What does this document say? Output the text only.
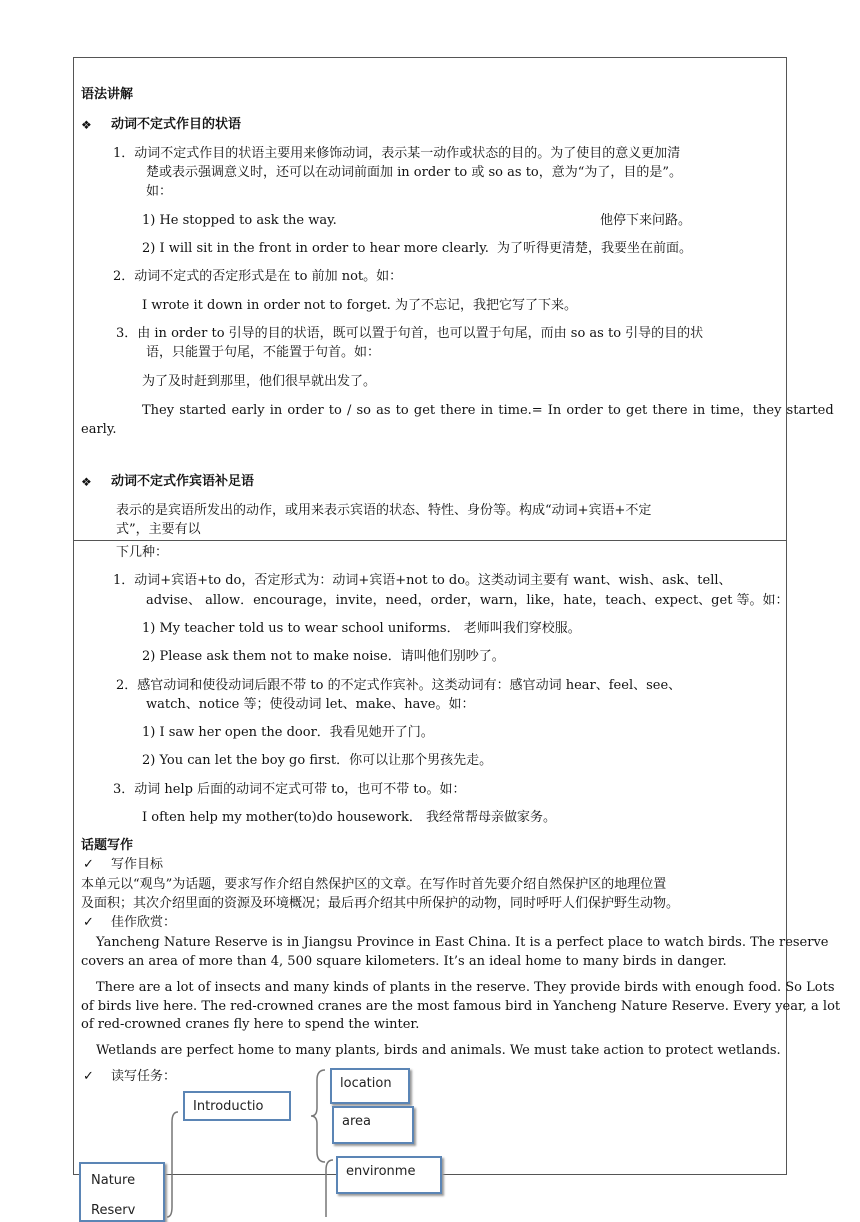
语法讲解
❖ 动词不定式作目的状语
1．动词不定式作目的状语主要用来修饰动词，表示某一动作或状态的目的。为了使目的意义更加清
楚或表示强调意义时，还可以在动词前面加 in order to 或 so as to，意为“为了，目的是”。
如：
1) He stopped to ask the way.	他停下来问路。
2) I will sit in the front in order to hear more clearly. 为了听得更清楚，我要坐在前面。
2．动词不定式的否定形式是在 to 前加 not。如：
I wrote it down in order not to forget. 为了不忘记，我把它写了下来。
3．由 in order to 引导的目的状语，既可以置于句首，也可以置于句尾，而由 so as to 引导的目的状
语，只能置于句尾，不能置于句首。如：
为了及时赶到那里，他们很早就出发了。
They started early in order to / so as to get there in time.= In order to get there in time，they started
early.
❖ 动词不定式作宾语补足语
表示的是宾语所发出的动作，或用来表示宾语的状态、特性、身份等。构成“动词+宾语+不定
式”，主要有以
下几种：
1．动词+宾语+to do，否定形式为：动词+宾语+not to do。这类动词主要有 want、wish、ask、tell、
advise、 allow．encourage，invite，need，order，warn，like，hate，teach、expect、get 等。如：
1) My teacher told us to wear school uniforms． 老师叫我们穿校服。
2) Please ask them not to make noise．请叫他们别吵了。
2．感官动词和使役动词后跟不带 to 的不定式作宾补。这类动词有：感官动词 hear、feel、see、
watch、notice 等；使役动词 let、make、have。如：
1) I saw her open the door．我看见她开了门。
2) You can let the boy go first．你可以让那个男孩先走。
3．动词 help 后面的动词不定式可带 to，也可不带 to。如：
I often help my mother(to)do housework． 我经常帮母亲做家务。
话题写作
✓ 写作目标
本单元以“观鸟”为话题，要求写作介绍自然保护区的文章。在写作时首先要介绍自然保护区的地理位置
及面积；其次介绍里面的资源及环境概况；最后再介绍其中所保护的动物，同时呼吁人们保护野生动物。
✓ 佳作欣赏：
Yancheng Nature Reserve is in Jiangsu Province in East China. It is a perfect place to watch birds. The reserve
covers an area of more than 4, 500 square kilometers. It’s an ideal home to many birds in danger.
There are a lot of insects and many kinds of plants in the reserve. They provide birds with enough food. So Lots
of birds live here. The red-crowned cranes are the most famous bird in Yancheng Nature Reserve. Every year, a lot
of red-crowned cranes fly here to spend the winter.
Wetlands are perfect home to many plants, birds and animals. We must take action to protect wetlands.
✓ 读写任务：
Introductio
location
area
environme
Nature Reserv
